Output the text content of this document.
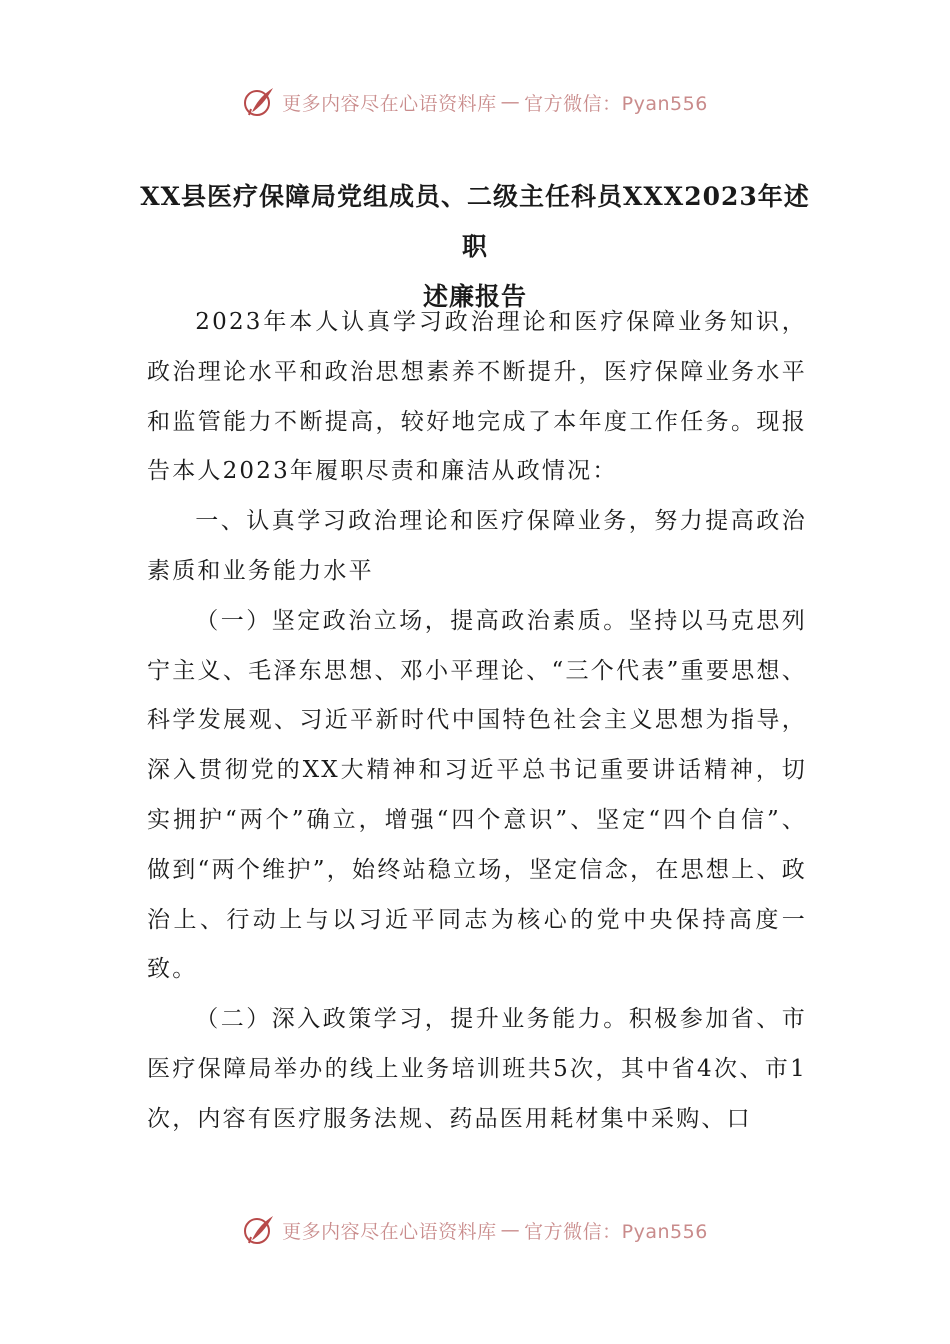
更多内容尽在心语资料库 — 官方微信：Pyan556
XX县医疗保障局党组成员、二级主任科员XXX2023年述职
述廉报告

2023年本人认真学习政治理论和医疗保障业务知识，政治理论水平和政治思想素养不断提升，医疗保障业务水平和监管能力不断提高，较好地完成了本年度工作任务。现报告本人2023年履职尽责和廉洁从政情况：

一、认真学习政治理论和医疗保障业务，努力提高政治素质和业务能力水平

（一）坚定政治立场，提高政治素质。坚持以马克思列宁主义、毛泽东思想、邓小平理论、“三个代表”重要思想、科学发展观、习近平新时代中国特色社会主义思想为指导，深入贯彻党的XX大精神和习近平总书记重要讲话精神，切实拥护“两个”确立，增强“四个意识”、坚定“四个自信”、做到“两个维护”，始终站稳立场，坚定信念，在思想上、政治上、行动上与以习近平同志为核心的党中央保持高度一致。

（二）深入政策学习，提升业务能力。积极参加省、市医疗保障局举办的线上业务培训班共5次，其中省4次、市1次，内容有医疗服务法规、药品医用耗材集中采购、口

更多内容尽在心语资料库 — 官方微信：Pyan556
